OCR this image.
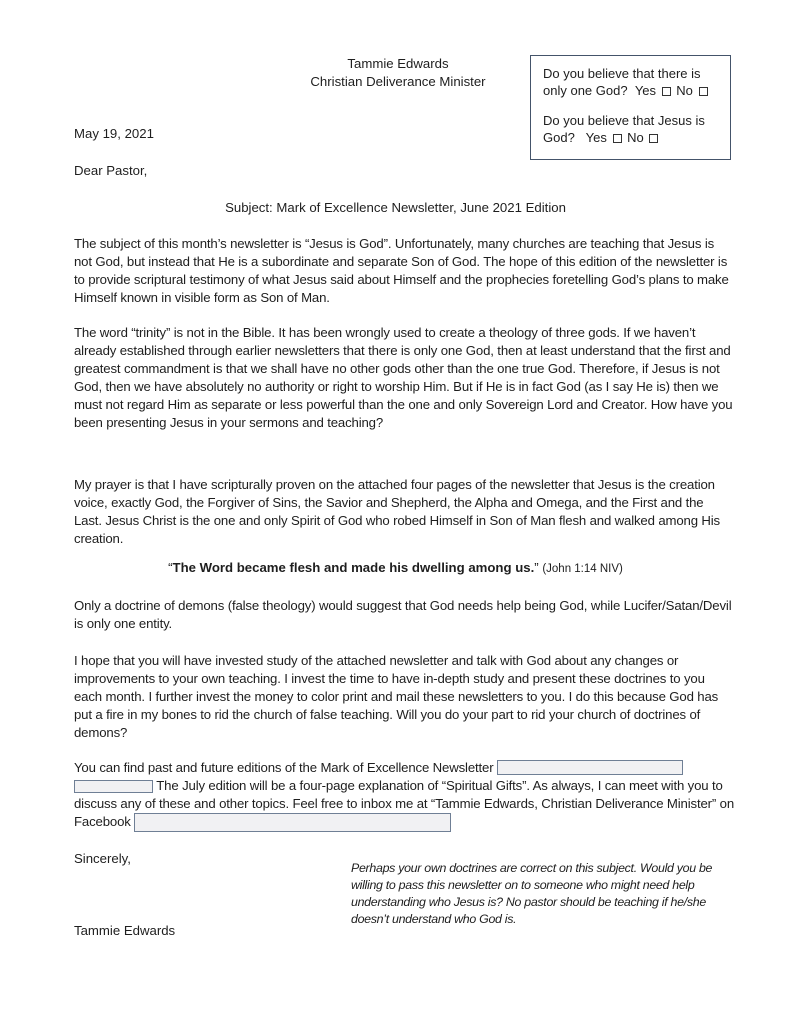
Tammie Edwards
Christian Deliverance Minister
Do you believe that there is only one God? Yes No
Do you believe that Jesus is God? Yes No
May 19, 2021
Dear Pastor,
Subject: Mark of Excellence Newsletter, June 2021 Edition
The subject of this month’s newsletter is “Jesus is God”. Unfortunately, many churches are teaching that Jesus is not God, but instead that He is a subordinate and separate Son of God. The hope of this edition of the newsletter is to provide scriptural testimony of what Jesus said about Himself and the prophecies foretelling God’s plans to make Himself known in visible form as Son of Man.
The word “trinity” is not in the Bible. It has been wrongly used to create a theology of three gods. If we haven’t already established through earlier newsletters that there is only one God, then at least understand that the first and greatest commandment is that we shall have no other gods other than the one true God. Therefore, if Jesus is not God, then we have absolutely no authority or right to worship Him. But if He is in fact God (as I say He is) then we must not regard Him as separate or less powerful than the one and only Sovereign Lord and Creator. How have you been presenting Jesus in your sermons and teaching?
My prayer is that I have scripturally proven on the attached four pages of the newsletter that Jesus is the creation voice, exactly God, the Forgiver of Sins, the Savior and Shepherd, the Alpha and Omega, and the First and the Last. Jesus Christ is the one and only Spirit of God who robed Himself in Son of Man flesh and walked among His creation.
“The Word became flesh and made his dwelling among us.” (John 1:14 NIV)
Only a doctrine of demons (false theology) would suggest that God needs help being God, while Lucifer/Satan/Devil is only one entity.
I hope that you will have invested study of the attached newsletter and talk with God about any changes or improvements to your own teaching. I invest the time to have in-depth study and present these doctrines to you each month. I further invest the money to color print and mail these newsletters to you. I do this because God has put a fire in my bones to rid the church of false teaching. Will you do your part to rid your church of doctrines of demons?
You can find past and future editions of the Mark of Excellence Newsletter
The July edition will be a four-page explanation of “Spiritual Gifts”. As always, I can meet with you to discuss any of these and other topics. Feel free to inbox me at “Tammie Edwards, Christian Deliverance Minister” on Facebook
Sincerely,
Perhaps your own doctrines are correct on this subject. Would you be willing to pass this newsletter on to someone who might need help understanding who Jesus is? No pastor should be teaching if he/she doesn’t understand who God is.
Tammie Edwards
